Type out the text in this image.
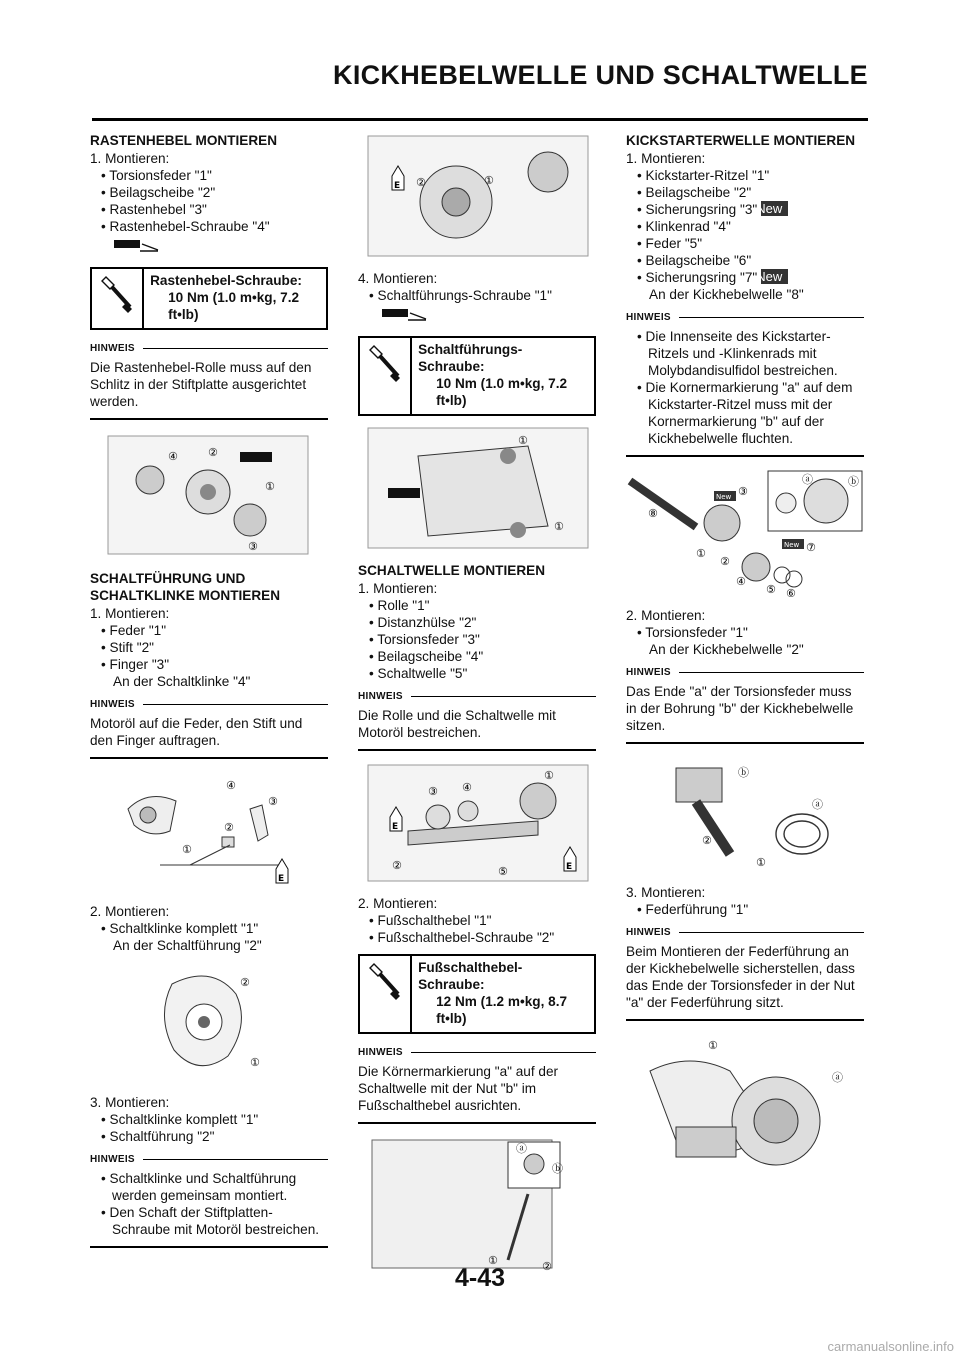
KICKHEBELWELLE UND SCHALTWELLE
RASTENHEBEL MONTIEREN
1. Montieren:
• Torsionsfeder "1"
• Beilagscheibe "2"
• Rastenhebel "3"
• Rastenhebel-Schraube "4"
Rastenhebel-Schraube:
10 Nm (1.0 m•kg, 7.2 ft•lb)
HINWEIS
Die Rastenhebel-Rolle muss auf den Schlitz in der Stiftplatte ausgerichtet werden.
④	②
①
③
SCHALTFÜHRUNG UND SCHALTKLINKE MONTIEREN
1. Montieren:
• Feder "1"
• Stift "2"
• Finger "3"
An der Schaltklinke "4"
HINWEIS
Motoröl auf die Feder, den Stift und den Finger auftragen.
④
②
③
①
E
2. Montieren:
• Schaltklinke komplett "1"
An der Schaltführung "2"
②
①
3. Montieren:
• Schaltklinke komplett "1"
• Schaltführung "2"
HINWEIS
• Schaltklinke und Schaltführung werden gemeinsam montiert.
• Den Schaft der Stiftplatten-Schraube mit Motoröl bestreichen.
②	①
E
4. Montieren:
• Schaltführungs-Schraube "1"
Schaltführungs-Schraube:
10 Nm (1.0 m•kg, 7.2 ft•lb)
①
①
SCHALTWELLE MONTIEREN
1. Montieren:
• Rolle "1"
• Distanzhülse "2"
• Torsionsfeder "3"
• Beilagscheibe "4"
• Schaltwelle "5"
HINWEIS
Die Rolle und die Schaltwelle mit Motoröl bestreichen.
③ ④
①
②	⑤
E
E
2. Montieren:
• Fußschalthebel "1"
• Fußschalthebel-Schraube "2"
Fußschalthebel-Schraube:
12 Nm (1.2 m•kg, 8.7 ft•lb)
HINWEIS
Die Körnermarkierung "a" auf der Schaltwelle mit der Nut "b" im Fußschalthebel ausrichten.
ⓐ
ⓑ
①	②
KICKSTARTERWELLE MONTIEREN
1. Montieren:
• Kickstarter-Ritzel "1"
• Beilagscheibe "2"
• Sicherungsring "3"New
• Klinkenrad "4"
• Feder "5"
• Beilagscheibe "6"
• Sicherungsring "7"New
An der Kickhebelwelle "8"
HINWEIS
• Die Innenseite des Kickstarter-Ritzels und -Klinkenrads mit Molybdandisulfidol bestreichen.
• Die Kornermarkierung "a" auf dem Kickstarter-Ritzel muss mit der Kornermarkierung "b" auf der Kickhebelwelle fluchten.
New
New
⑧
③
①
②
④
⑤ ⑥
⑦
ⓐ	ⓑ
2. Montieren:
• Torsionsfeder "1"
An der Kickhebelwelle "2"
HINWEIS
Das Ende "a" der Torsionsfeder muss in der Bohrung "b" der Kickhebelwelle sitzen.
ⓑ
ⓐ
②
①
3. Montieren:
• Federführung "1"
HINWEIS
Beim Montieren der Federführung an der Kickhebelwelle sicherstellen, dass das Ende der Torsionsfeder in der Nut "a" der Federführung sitzt.
①
ⓐ
4-43
carmanualsonline.info
